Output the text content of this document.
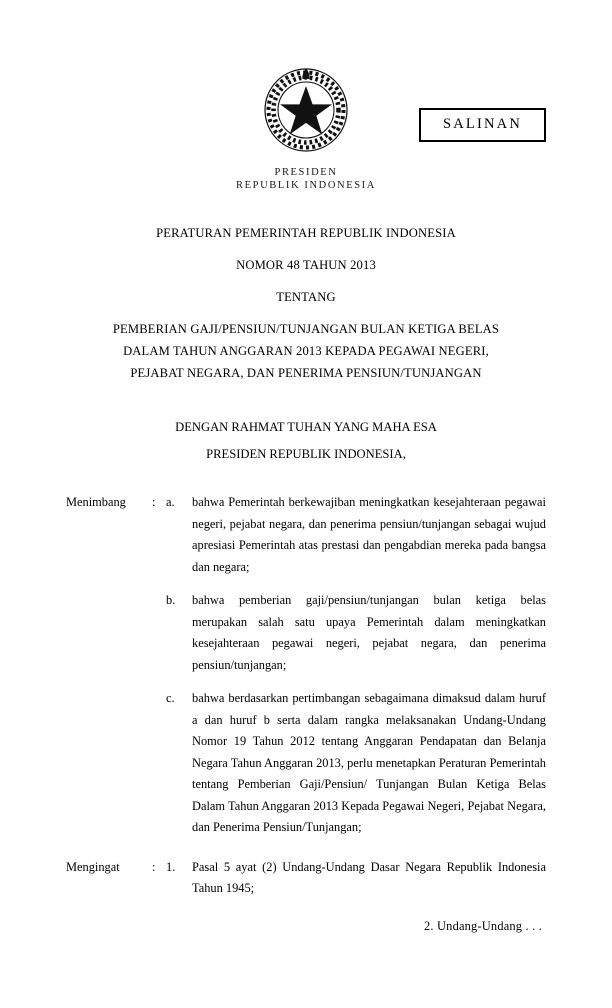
SALINAN
PRESIDEN
REPUBLIK INDONESIA
PERATURAN PEMERINTAH REPUBLIK INDONESIA
NOMOR 48 TAHUN 2013
TENTANG
PEMBERIAN GAJI/PENSIUN/TUNJANGAN BULAN KETIGA BELAS
DALAM TAHUN ANGGARAN 2013 KEPADA PEGAWAI NEGERI,
PEJABAT NEGARA, DAN PENERIMA PENSIUN/TUNJANGAN
DENGAN RAHMAT TUHAN YANG MAHA ESA
PRESIDEN REPUBLIK INDONESIA,
Menimbang	: a.	bahwa Pemerintah berkewajiban meningkatkan kesejahteraan pegawai negeri, pejabat negara, dan penerima pensiun/tunjangan sebagai wujud apresiasi Pemerintah atas prestasi dan pengabdian mereka pada bangsa dan negara;
b.	bahwa pemberian gaji/pensiun/tunjangan bulan ketiga belas merupakan salah satu upaya Pemerintah dalam meningkatkan kesejahteraan pegawai negeri, pejabat negara, dan penerima pensiun/tunjangan;
c.	bahwa berdasarkan pertimbangan sebagaimana dimaksud dalam huruf a dan huruf b serta dalam rangka melaksanakan Undang-Undang Nomor 19 Tahun 2012 tentang Anggaran Pendapatan dan Belanja Negara Tahun Anggaran 2013, perlu menetapkan Peraturan Pemerintah tentang Pemberian Gaji/Pensiun/ Tunjangan Bulan Ketiga Belas Dalam Tahun Anggaran 2013 Kepada Pegawai Negeri, Pejabat Negara, dan Penerima Pensiun/Tunjangan;
Mengingat	: 1.	Pasal 5 ayat (2) Undang-Undang Dasar Negara Republik Indonesia Tahun 1945;
2. Undang-Undang . . .
